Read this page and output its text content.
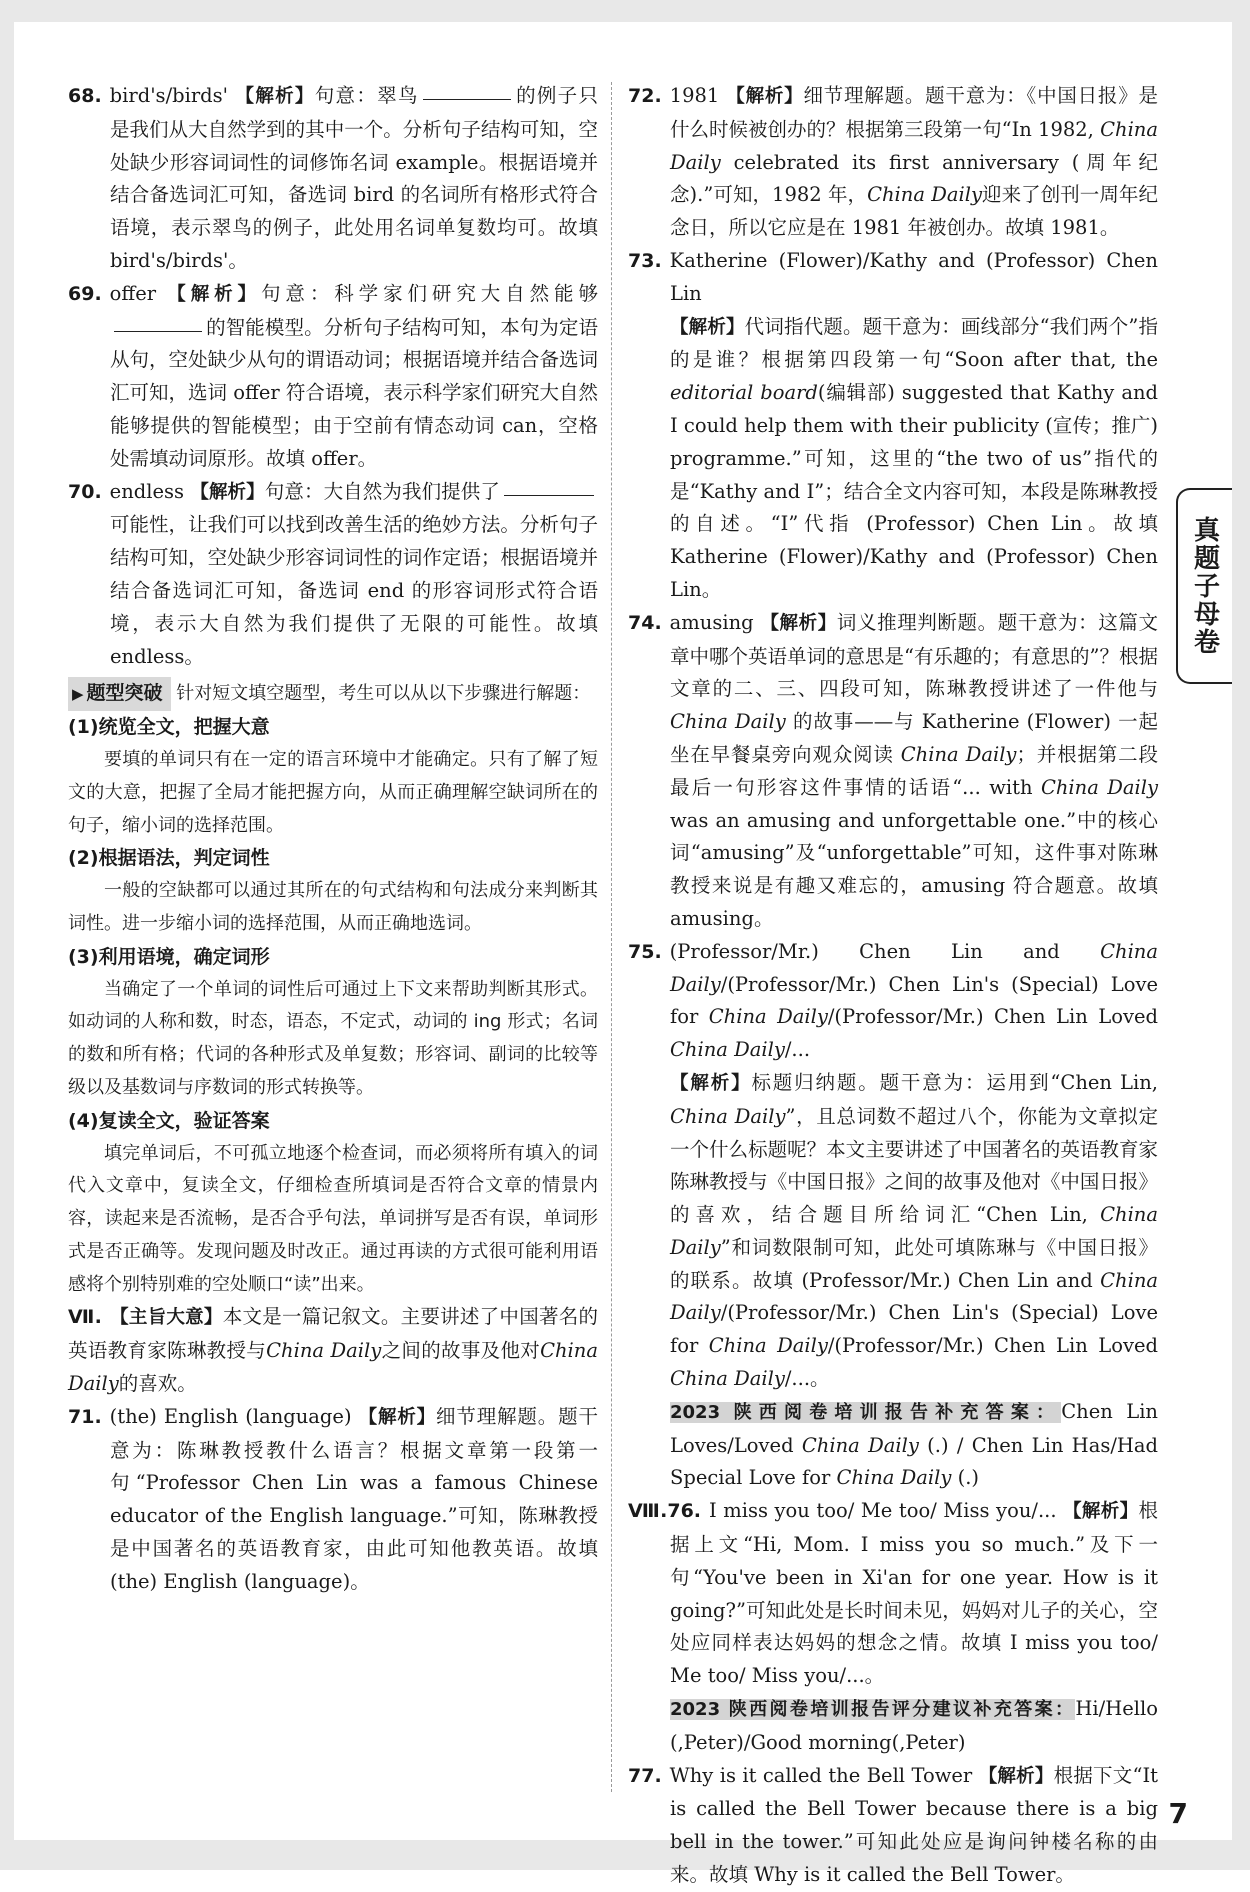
68. bird's/birds' 【解析】句意：翠鸟	的例子只是我们从大自然学到的其中一个。分析句子结构可知，空处缺少形容词词性的词修饰名词 example。根据语境并结合备选词汇可知，备选词 bird 的名词所有格形式符合语境，表示翠鸟的例子，此处用名词单复数均可。故填 bird's/birds'。

69. offer 【解析】句意：科学家们研究大自然能够的智能模型。分析句子结构可知，本句为定语从句，空处缺少从句的谓语动词；根据语境并结合备选词汇可知，选词 offer 符合语境，表示科学家们研究大自然能够提供的智能模型；由于空前有情态动词 can，空格处需填动词原形。故填 offer。

70. endless 【解析】句意：大自然为我们提供了可能性，让我们可以找到改善生活的绝妙方法。分析句子结构可知，空处缺少形容词词性的词作定语；根据语境并结合备选词汇可知，备选词 end 的形容词形式符合语境，表示大自然为我们提供了无限的可能性。故填 endless。

▶ 题型突破 针对短文填空题型，考生可以从以下步骤进行解题：

(1)统览全文，把握大意

要填的单词只有在一定的语言环境中才能确定。只有了解了短文的大意，把握了全局才能把握方向，从而正确理解空缺词所在的句子，缩小词的选择范围。

(2)根据语法，判定词性

一般的空缺都可以通过其所在的句式结构和句法成分来判断其词性。进一步缩小词的选择范围，从而正确地选词。

(3)利用语境，确定词形

当确定了一个单词的词性后可通过上下文来帮助判断其形式。如动词的人称和数，时态，语态，不定式，动词的 ing 形式；名词的数和所有格；代词的各种形式及单复数；形容词、副词的比较等级以及基数词与序数词的形式转换等。

(4)复读全文，验证答案

填完单词后，不可孤立地逐个检查词，而必须将所有填入的词代入文章中，复读全文，仔细检查所填词是否符合文章的情景内容，读起来是否流畅，是否合乎句法，单词拼写是否有误，单词形式是否正确等。发现问题及时改正。通过再读的方式很可能利用语感将个别特别难的空处顺口“读”出来。

Ⅶ. 【主旨大意】本文是一篇记叙文。主要讲述了中国著名的英语教育家陈琳教授与China Daily之间的故事及他对China Daily的喜欢。

71. (the) English (language) 【解析】细节理解题。题干意为：陈琳教授教什么语言？根据文章第一段第一句“Professor Chen Lin was a famous Chinese educator of the English language.”可知，陈琳教授是中国著名的英语教育家，由此可知他教英语。故填 (the) English (language)。

72. 1981 【解析】细节理解题。题干意为：《中国日报》是什么时候被创办的？根据第三段第一句“In 1982, China Daily celebrated its first anniversary (周年纪念).”可知，1982 年，China Daily迎来了创刊一周年纪念日，所以它应是在 1981 年被创办。故填 1981。

73. Katherine (Flower)/Kathy and (Professor) Chen Lin
【解析】代词指代题。题干意为：画线部分“我们两个”指的是谁？根据第四段第一句“Soon after that, the editorial board(编辑部) suggested that Kathy and I could help them with their publicity (宣传；推广) programme.”可知，这里的“the two of us”指代的是“Kathy and I”；结合全文内容可知，本段是陈琳教授的自述。“I”代指 (Professor) Chen Lin。故填 Katherine (Flower)/Kathy and (Professor) Chen Lin。

74. amusing 【解析】词义推理判断题。题干意为：这篇文章中哪个英语单词的意思是“有乐趣的；有意思的”？根据文章的二、三、四段可知，陈琳教授讲述了一件他与 China Daily 的故事——与 Katherine (Flower) 一起坐在早餐桌旁向观众阅读 China Daily；并根据第二段最后一句形容这件事情的话语“... with China Daily was an amusing and unforgettable one.”中的核心词“amusing”及“unforgettable”可知，这件事对陈琳教授来说是有趣又难忘的，amusing 符合题意。故填 amusing。

75. (Professor/Mr.) Chen Lin and China Daily/(Professor/Mr.) Chen Lin's (Special) Love for China Daily/(Professor/Mr.) Chen Lin Loved China Daily/...
【解析】标题归纳题。题干意为：运用到“Chen Lin, China Daily”，且总词数不超过八个，你能为文章拟定一个什么标题呢？本文主要讲述了中国著名的英语教育家陈琳教授与《中国日报》之间的故事及他对《中国日报》的喜欢，结合题目所给词汇“Chen Lin, China Daily”和词数限制可知，此处可填陈琳与《中国日报》的联系。故填 (Professor/Mr.) Chen Lin and China Daily/(Professor/Mr.) Chen Lin's (Special) Love for China Daily/(Professor/Mr.) Chen Lin Loved China Daily/...。
2023 陕西阅卷培训报告补充答案：Chen Lin Loves/Loved China Daily (.) / Chen Lin Has/Had Special Love for China Daily (.)

Ⅷ.76. I miss you too/ Me too/ Miss you/... 【解析】根据上文“Hi, Mom. I miss you so much.”及下一句“You've been in Xi'an for one year. How is it going?”可知此处是长时间未见，妈妈对儿子的关心，空处应同样表达妈妈的想念之情。故填 I miss you too/ Me too/ Miss you/...。
2023 陕西阅卷培训报告评分建议补充答案：Hi/Hello (,Peter)/Good morning(,Peter)

77. Why is it called the Bell Tower 【解析】根据下文“It is called the Bell Tower because there is a big bell in the tower.”可知此处应是询问钟楼名称的由来。故填 Why is it called the Bell Tower。

真题子母卷
7
